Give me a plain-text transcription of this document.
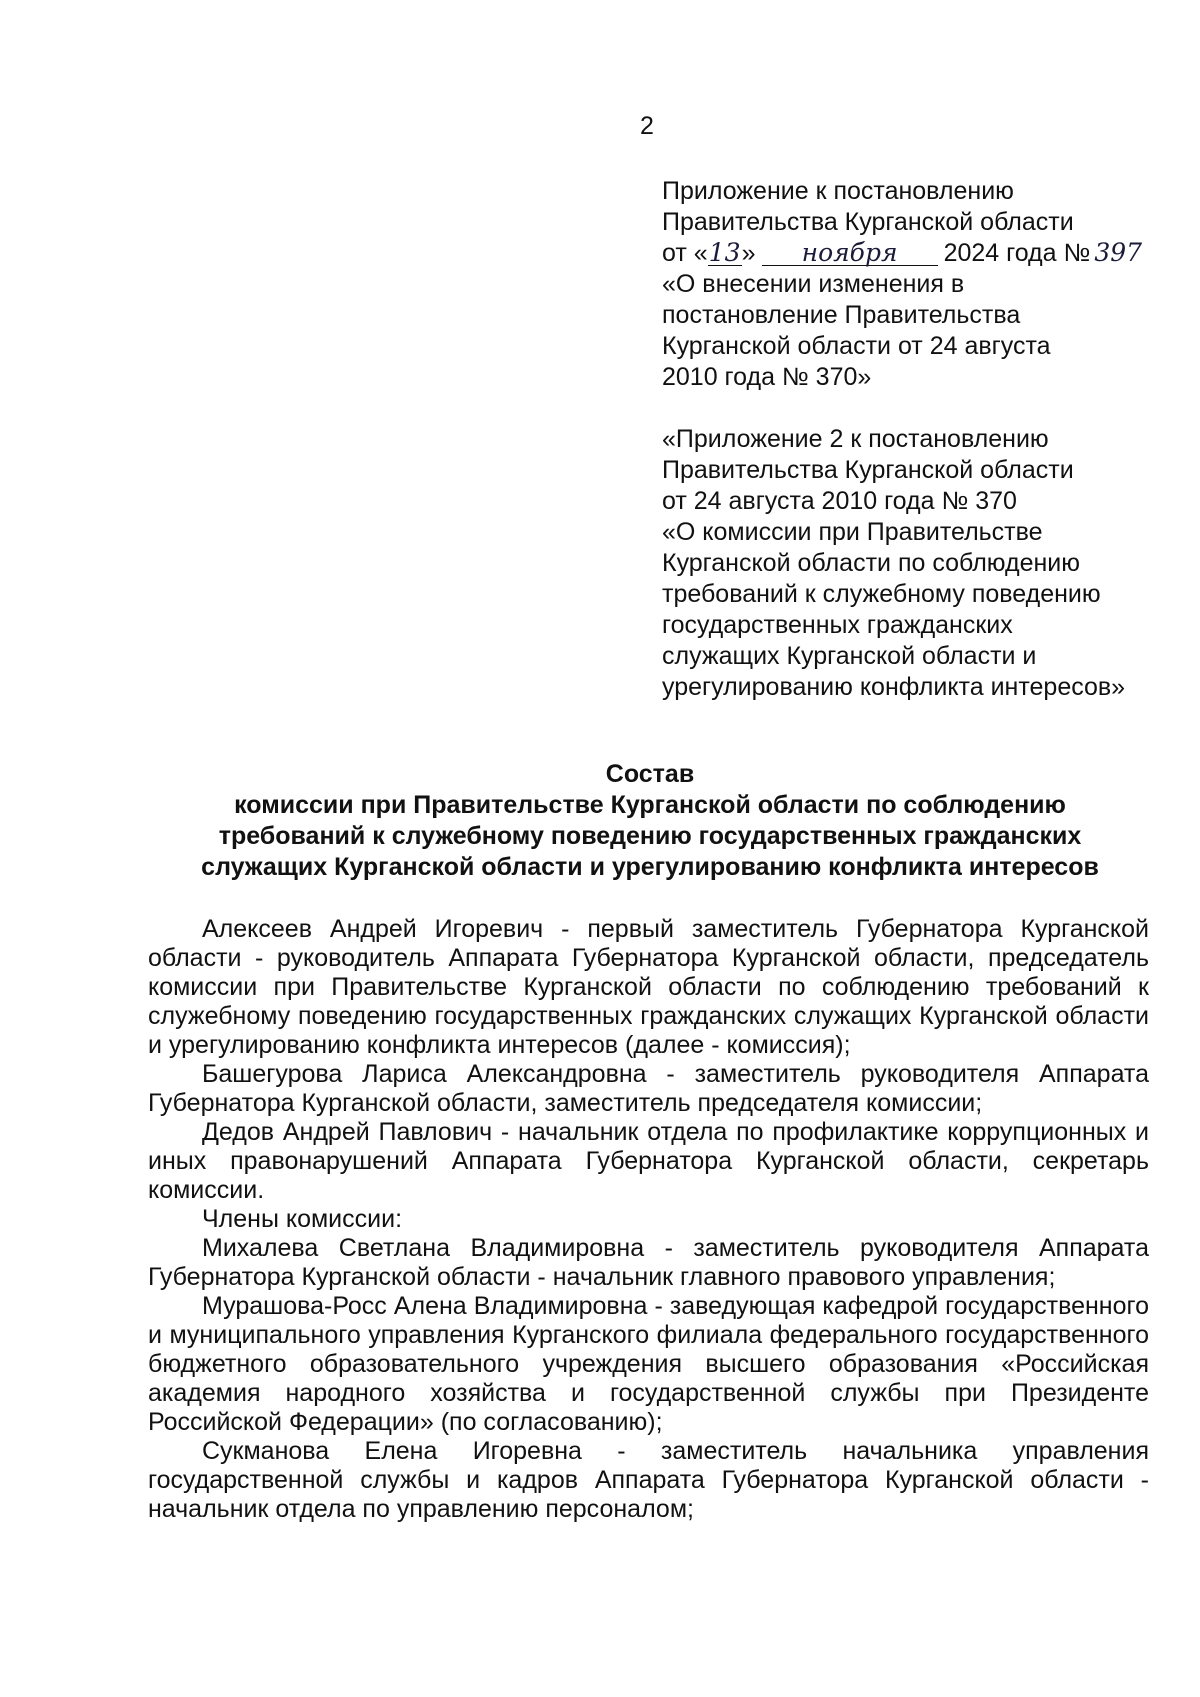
2
Приложение к постановлению
Правительства Курганской области
от «13» ноября 2024 года № 397
«О внесении изменения в
постановление Правительства
Курганской области от 24 августа
2010 года № 370»
«Приложение 2 к постановлению
Правительства Курганской области
от 24 августа 2010 года № 370
«О комиссии при Правительстве
Курганской области по соблюдению
требований к служебному поведению
государственных гражданских
служащих Курганской области и
урегулированию конфликта интересов»
Состав
комиссии при Правительстве Курганской области по соблюдению
требований к служебному поведению государственных гражданских
служащих Курганской области и урегулированию конфликта интересов

Алексеев Андрей Игоревич - первый заместитель Губернатора Курганской области - руководитель Аппарата Губернатора Курганской области, председатель комиссии при Правительстве Курганской области по соблюдению требований к служебному поведению государственных гражданских служащих Курганской области и урегулированию конфликта интересов (далее - комиссия);

Башегурова Лариса Александровна - заместитель руководителя Аппарата Губернатора Курганской области, заместитель председателя комиссии;

Дедов Андрей Павлович - начальник отдела по профилактике коррупционных и иных правонарушений Аппарата Губернатора Курганской области, секретарь комиссии.

Члены комиссии:

Михалева Светлана Владимировна - заместитель руководителя Аппарата Губернатора Курганской области - начальник главного правового управления;

Мурашова-Росс Алена Владимировна - заведующая кафедрой государственного и муниципального управления Курганского филиала федерального государственного бюджетного образовательного учреждения высшего образования «Российская академия народного хозяйства и государственной службы при Президенте Российской Федерации» (по согласованию);

Сукманова Елена Игоревна - заместитель начальника управления государственной службы и кадров Аппарата Губернатора Курганской области - начальник отдела по управлению персоналом;
